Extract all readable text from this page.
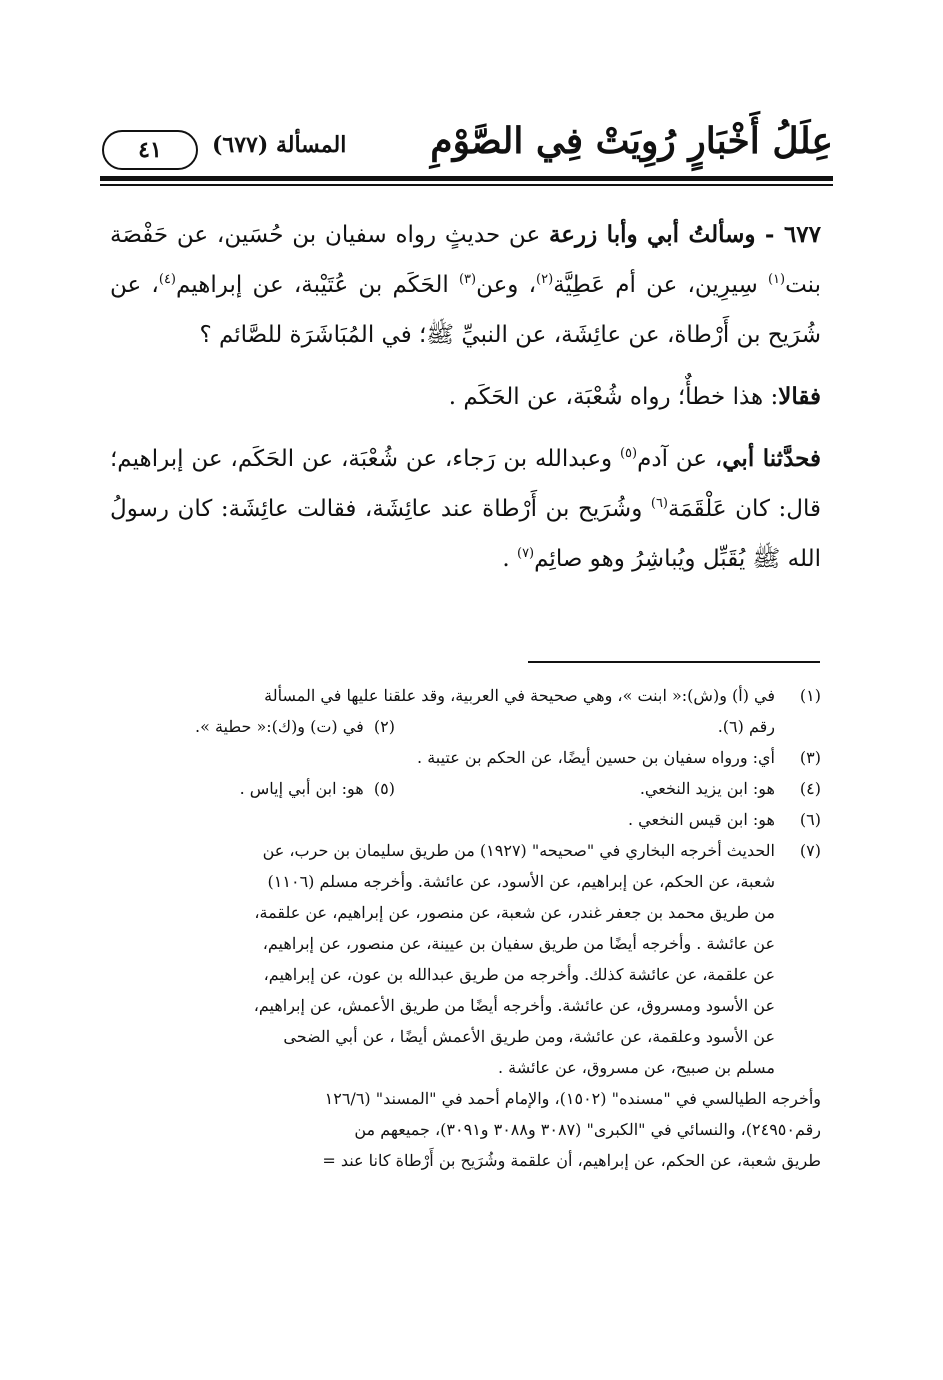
عِلَلُ أَخْبَارٍ رُوِيَتْ فِي الصَّوْمِ
المسألة (٦٧٧)
٤١

٦٧٧ - وسألتُ أبي وأبا زرعة عن حديثٍ رواه سفيان بن حُسَين، عن حَفْصَة بنت$^{(١)}$ سِيرِين، عن أم عَطِيَّة$^{(٢)}$، وعن$^{(٣)}$ الحَكَم بن عُتَيْبة، عن إبراهيم$^{(٤)}$، عن شُرَيح بن أَرْطاة، عن عائِشَة، عن النبيِّ ﷺ؛ في المُبَاشَرَة للصَّائم ؟

فقالا: هذا خطأٌ؛ رواه شُعْبَة، عن الحَكَم .

فحدَّثنا أبي، عن آدم$^{(٥)}$ وعبدالله بن رَجاء، عن شُعْبَة، عن الحَكَم، عن إبراهيم؛ قال: كان عَلْقَمَة$^{(٦)}$ وشُرَيح بن أَرْطاة عند عائِشَة، فقالت عائِشَة: كان رسولُ الله ﷺ يُقَبِّل ويُباشِرُ وهو صائِم$^{(٧)}$ .

(١)
في (أ) و(ش):« ابنت »، وهي صحيحة في العربية، وقد علقنا عليها في المسألة
رقم (٦).
(٢)  في (ت) و(ك):« حطية ».
(٣)
أي: ورواه سفيان بن حسين أيضًا، عن الحكم بن عتيبة .
(٤)
هو: ابن يزيد النخعي.
(٥)  هو: ابن أبي إياس .
(٦)
هو: ابن قيس النخعي .
(٧)
الحديث أخرجه البخاري في "صحيحه" (١٩٢٧) من طريق سليمان بن حرب، عن
شعبة، عن الحكم، عن إبراهيم، عن الأسود، عن عائشة. وأخرجه مسلم (١١٠٦)
من طريق محمد بن جعفر غندر، عن شعبة، عن منصور، عن إبراهيم، عن علقمة،
عن عائشة . وأخرجه أيضًا من طريق سفيان بن عيينة، عن منصور، عن إبراهيم،
عن علقمة، عن عائشة كذلك. وأخرجه من طريق عبدالله بن عون، عن إبراهيم،
عن الأسود ومسروق، عن عائشة. وأخرجه أيضًا من طريق الأعمش، عن إبراهيم،
عن الأسود وعلقمة، عن عائشة، ومن طريق الأعمش أيضًا ، عن أبي الضحى
مسلم بن صبيح، عن مسروق، عن عائشة .
وأخرجه الطيالسي في "مسنده" (١٥٠٢)، والإمام أحمد في "المسند" (١٢٦/٦
رقم٢٤٩٥٠)، والنسائي في "الكبرى" (٣٠٨٧ و٣٠٨٨ و٣٠٩١)، جميعهم من
طريق شعبة، عن الحكم، عن إبراهيم، أن علقمة وشُرَيح بن أَرْطاة كانا عند =
